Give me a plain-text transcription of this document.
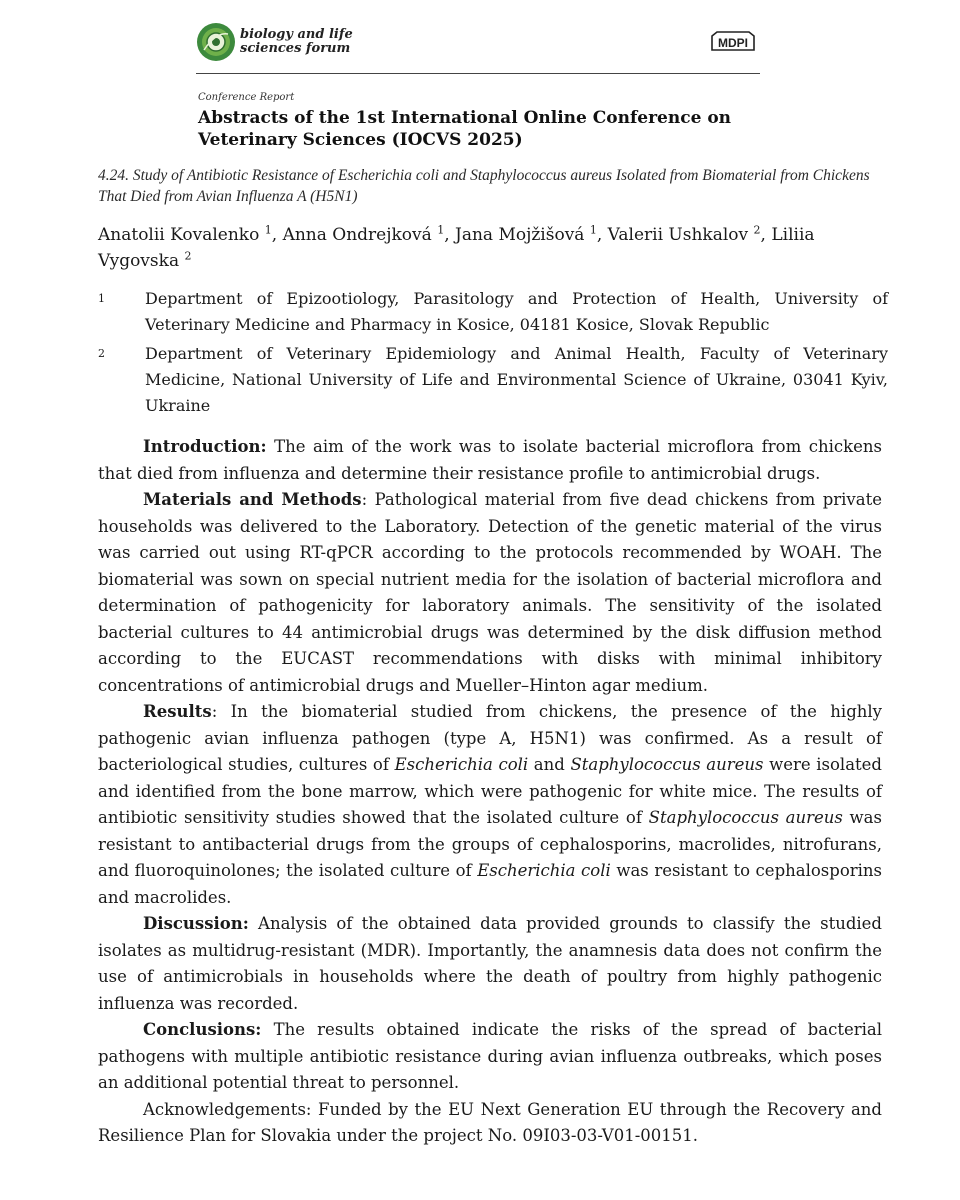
biology and life
sciences forum	MDPI
Conference Report
Abstracts of the 1st International Online Conference on Veterinary Sciences (IOCVS 2025)
4.24. Study of Antibiotic Resistance of Escherichia coli and Staphylococcus aureus Isolated from Biomaterial from Chickens That Died from Avian Influenza A (H5N1)
Anatolii Kovalenko $^1$, Anna Ondrejková $^1$, Jana Mojžišová $^1$, Valerii Ushkalov $^2$, Liliia Vygovska $^2$
1	Department of Epizootiology, Parasitology and Protection of Health, University of Veterinary Medicine and Pharmacy in Kosice, 04181 Kosice, Slovak Republic
2	Department of Veterinary Epidemiology and Animal Health, Faculty of Veterinary Medicine, National University of Life and Environmental Science of Ukraine, 03041 Kyiv, Ukraine

Introduction: The aim of the work was to isolate bacterial microflora from chickens that died from influenza and determine their resistance profile to antimicrobial drugs.

Materials and Methods: Pathological material from five dead chickens from private households was delivered to the Laboratory. Detection of the genetic material of the virus was carried out using RT-qPCR according to the protocols recommended by WOAH. The biomaterial was sown on special nutrient media for the isolation of bacterial microflora and determination of pathogenicity for laboratory animals. The sensitivity of the isolated bacterial cultures to 44 antimicrobial drugs was determined by the disk diffusion method according to the EUCAST recommendations with disks with minimal inhibitory concentrations of antimicrobial drugs and Mueller–Hinton agar medium.

Results: In the biomaterial studied from chickens, the presence of the highly pathogenic avian influenza pathogen (type A, H5N1) was confirmed. As a result of bacteriological studies, cultures of Escherichia coli and Staphylococcus aureus were isolated and identified from the bone marrow, which were pathogenic for white mice. The results of antibiotic sensitivity studies showed that the isolated culture of Staphylococcus aureus was resistant to antibacterial drugs from the groups of cephalosporins, macrolides, nitrofurans, and fluoroquinolones; the isolated culture of Escherichia coli was resistant to cephalosporins and macrolides.

Discussion: Analysis of the obtained data provided grounds to classify the studied isolates as multidrug-resistant (MDR). Importantly, the anamnesis data does not confirm the use of antimicrobials in households where the death of poultry from highly pathogenic influenza was recorded.

Conclusions: The results obtained indicate the risks of the spread of bacterial pathogens with multiple antibiotic resistance during avian influenza outbreaks, which poses an additional potential threat to personnel.

Acknowledgements: Funded by the EU Next Generation EU through the Recovery and Resilience Plan for Slovakia under the project No. 09I03-03-V01-00151.
